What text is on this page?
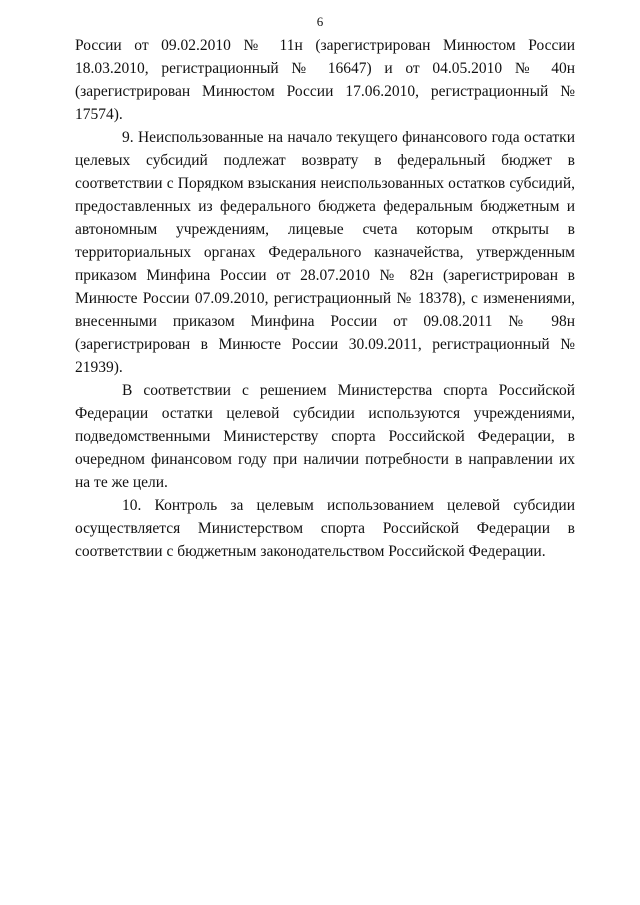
6

России от 09.02.2010 № 11н (зарегистрирован Минюстом России 18.03.2010, регистрационный № 16647) и от 04.05.2010 № 40н (зарегистрирован Минюстом России 17.06.2010, регистрационный № 17574).

9. Неиспользованные на начало текущего финансового года остатки целевых субсидий подлежат возврату в федеральный бюджет в соответствии с Порядком взыскания неиспользованных остатков субсидий, предоставленных из федерального бюджета федеральным бюджетным и автономным учреждениям, лицевые счета которым открыты в территориальных органах Федерального казначейства, утвержденным приказом Минфина России от 28.07.2010 № 82н (зарегистрирован в Минюсте России 07.09.2010, регистрационный № 18378), с изменениями, внесенными приказом Минфина России от 09.08.2011 № 98н (зарегистрирован в Минюсте России 30.09.2011, регистрационный № 21939).

В соответствии с решением Министерства спорта Российской Федерации остатки целевой субсидии используются учреждениями, подведомственными Министерству спорта Российской Федерации, в очередном финансовом году при наличии потребности в направлении их на те же цели.

10. Контроль за целевым использованием целевой субсидии осуществляется Министерством спорта Российской Федерации в соответствии с бюджетным законодательством Российской Федерации.
